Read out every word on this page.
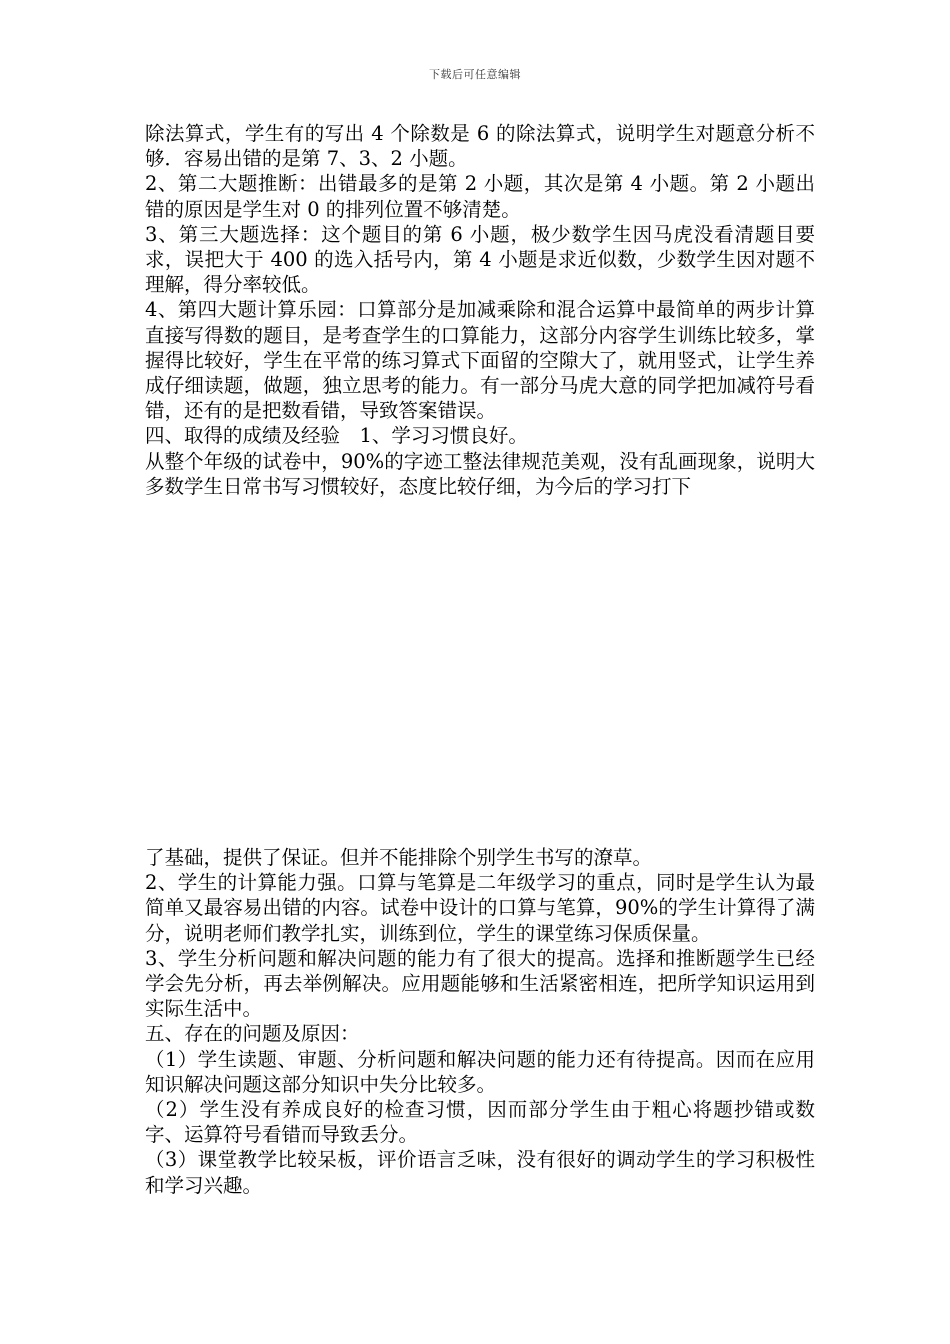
下载后可任意编辑

除法算式，学生有的写出 4 个除数是 6 的除法算式，说明学生对题意分析不够．容易出错的是第 7、3、2 小题。

2、第二大题推断：出错最多的是第 2 小题，其次是第 4 小题。第 2 小题出错的原因是学生对 0 的排列位置不够清楚。

3、第三大题选择：这个题目的第 6 小题，极少数学生因马虎没看清题目要求，误把大于 400 的选入括号内，第 4 小题是求近似数，少数学生因对题不理解，得分率较低。

4、第四大题计算乐园：口算部分是加减乘除和混合运算中最简单的两步计算直接写得数的题目，是考查学生的口算能力，这部分内容学生训练比较多，掌握得比较好，学生在平常的练习算式下面留的空隙大了，就用竖式，让学生养成仔细读题，做题，独立思考的能力。有一部分马虎大意的同学把加减符号看错，还有的是把数看错，导致答案错误。

四、取得的成绩及经验　1、学习习惯良好。

从整个年级的试卷中，90%的字迹工整法律规范美观，没有乱画现象，说明大多数学生日常书写习惯较好，态度比较仔细，为今后的学习打下

了基础，提供了保证。但并不能排除个别学生书写的潦草。

2、学生的计算能力强。口算与笔算是二年级学习的重点，同时是学生认为最简单又最容易出错的内容。试卷中设计的口算与笔算，90%的学生计算得了满分，说明老师们教学扎实，训练到位，学生的课堂练习保质保量。

3、学生分析问题和解决问题的能力有了很大的提高。选择和推断题学生已经学会先分析，再去举例解决。应用题能够和生活紧密相连，把所学知识运用到实际生活中。

五、存在的问题及原因：

（1）学生读题、审题、分析问题和解决问题的能力还有待提高。因而在应用知识解决问题这部分知识中失分比较多。

（2）学生没有养成良好的检查习惯，因而部分学生由于粗心将题抄错或数字、运算符号看错而导致丢分。

（3）课堂教学比较呆板，评价语言乏味，没有很好的调动学生的学习积极性和学习兴趣。
